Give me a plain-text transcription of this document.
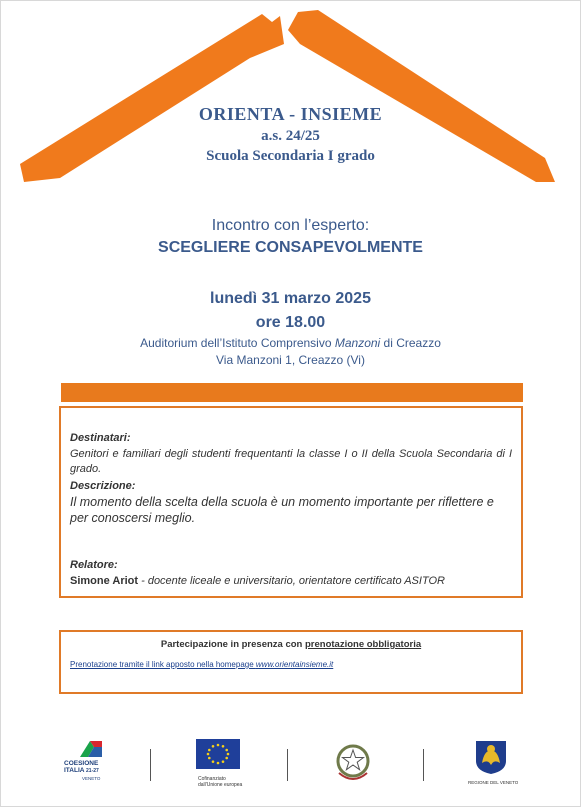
ORIENTA - INSIEME
a.s. 24/25
Scuola Secondaria I grado
Incontro con l’esperto:
SCEGLIERE CONSAPEVOLMENTE
lunedì 31 marzo 2025
ore 18.00
Auditorium dell’Istituto Comprensivo Manzoni di Creazzo
Via Manzoni 1, Creazzo (Vi)
Destinatari:
Genitori e familiari degli studenti frequentanti la classe I o II della Scuola Secondaria di I grado.
Descrizione:
Il momento della scelta della scuola è un momento importante per riflettere e per conoscersi meglio.
Relatore:
Simone Ariot - docente liceale e universitario, orientatore certificato ASITOR
Partecipazione in presenza con prenotazione obbligatoria
Prenotazione tramite il link apposto nella homepage www.orientainsieme.it
COESIONE
ITALIA 21-27
VENETO	Cofinanziato
dall'Unione europea	REGIONE DEL VENETO
